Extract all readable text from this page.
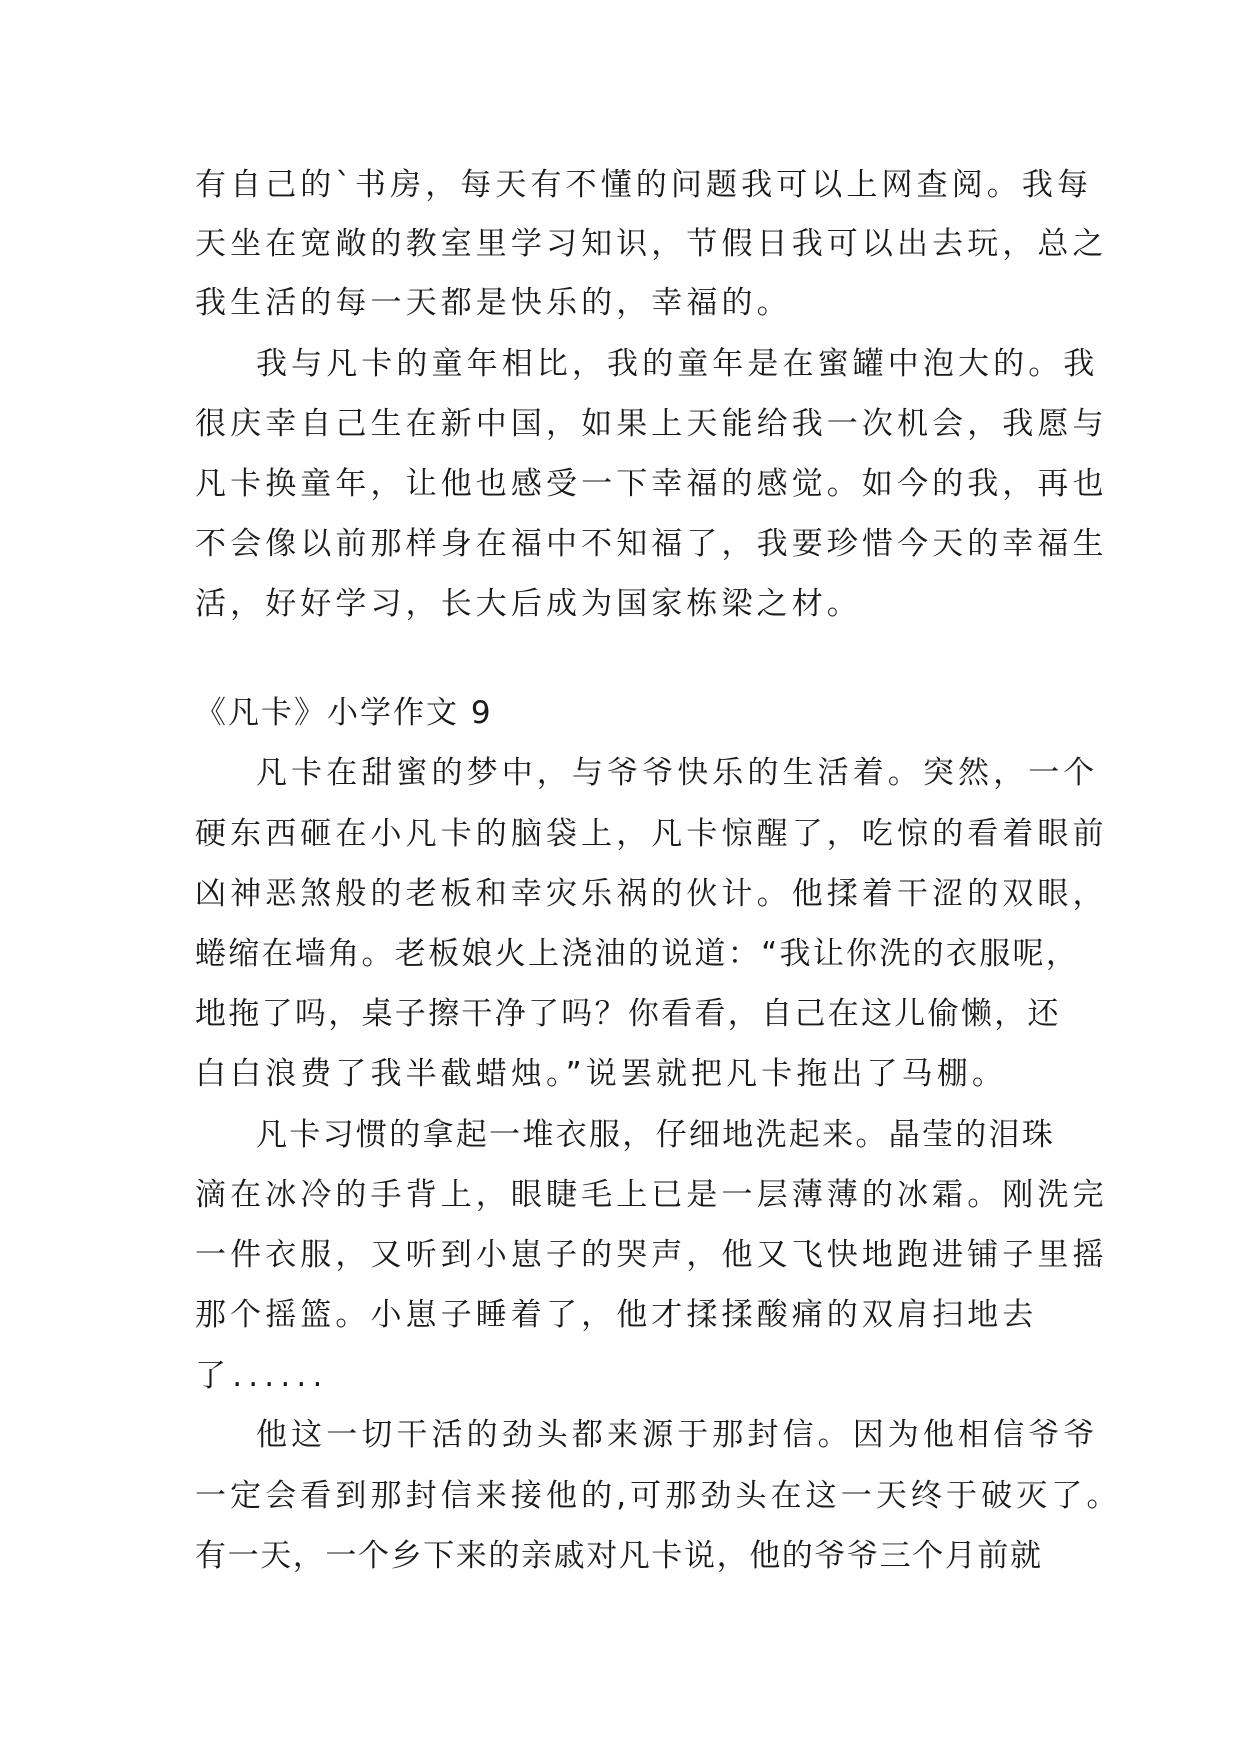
有自己的`书房，每天有不懂的问题我可以上网查阅。我每
天坐在宽敞的教室里学习知识，节假日我可以出去玩，总之
我生活的每一天都是快乐的，幸福的。
我与凡卡的童年相比，我的童年是在蜜罐中泡大的。我
很庆幸自己生在新中国，如果上天能给我一次机会，我愿与
凡卡换童年，让他也感受一下幸福的感觉。如今的我，再也
不会像以前那样身在福中不知福了，我要珍惜今天的幸福生
活，好好学习，长大后成为国家栋梁之材。
《凡卡》小学作文 9
凡卡在甜蜜的梦中，与爷爷快乐的生活着。突然，一个
硬东西砸在小凡卡的脑袋上，凡卡惊醒了，吃惊的看着眼前
凶神恶煞般的老板和幸灾乐祸的伙计。他揉着干涩的双眼，
蜷缩在墙角。老板娘火上浇油的说道：“我让你洗的衣服呢，
地拖了吗，桌子擦干净了吗？你看看，自己在这儿偷懒，还
白白浪费了我半截蜡烛。”说罢就把凡卡拖出了马棚。
凡卡习惯的拿起一堆衣服，仔细地洗起来。晶莹的泪珠
滴在冰冷的手背上，眼睫毛上已是一层薄薄的冰霜。刚洗完
一件衣服，又听到小崽子的哭声，他又飞快地跑进铺子里摇
那个摇篮。小崽子睡着了，他才揉揉酸痛的双肩扫地去
了......
他这一切干活的劲头都来源于那封信。因为他相信爷爷
一定会看到那封信来接他的,可那劲头在这一天终于破灭了。
有一天，一个乡下来的亲戚对凡卡说，他的爷爷三个月前就
